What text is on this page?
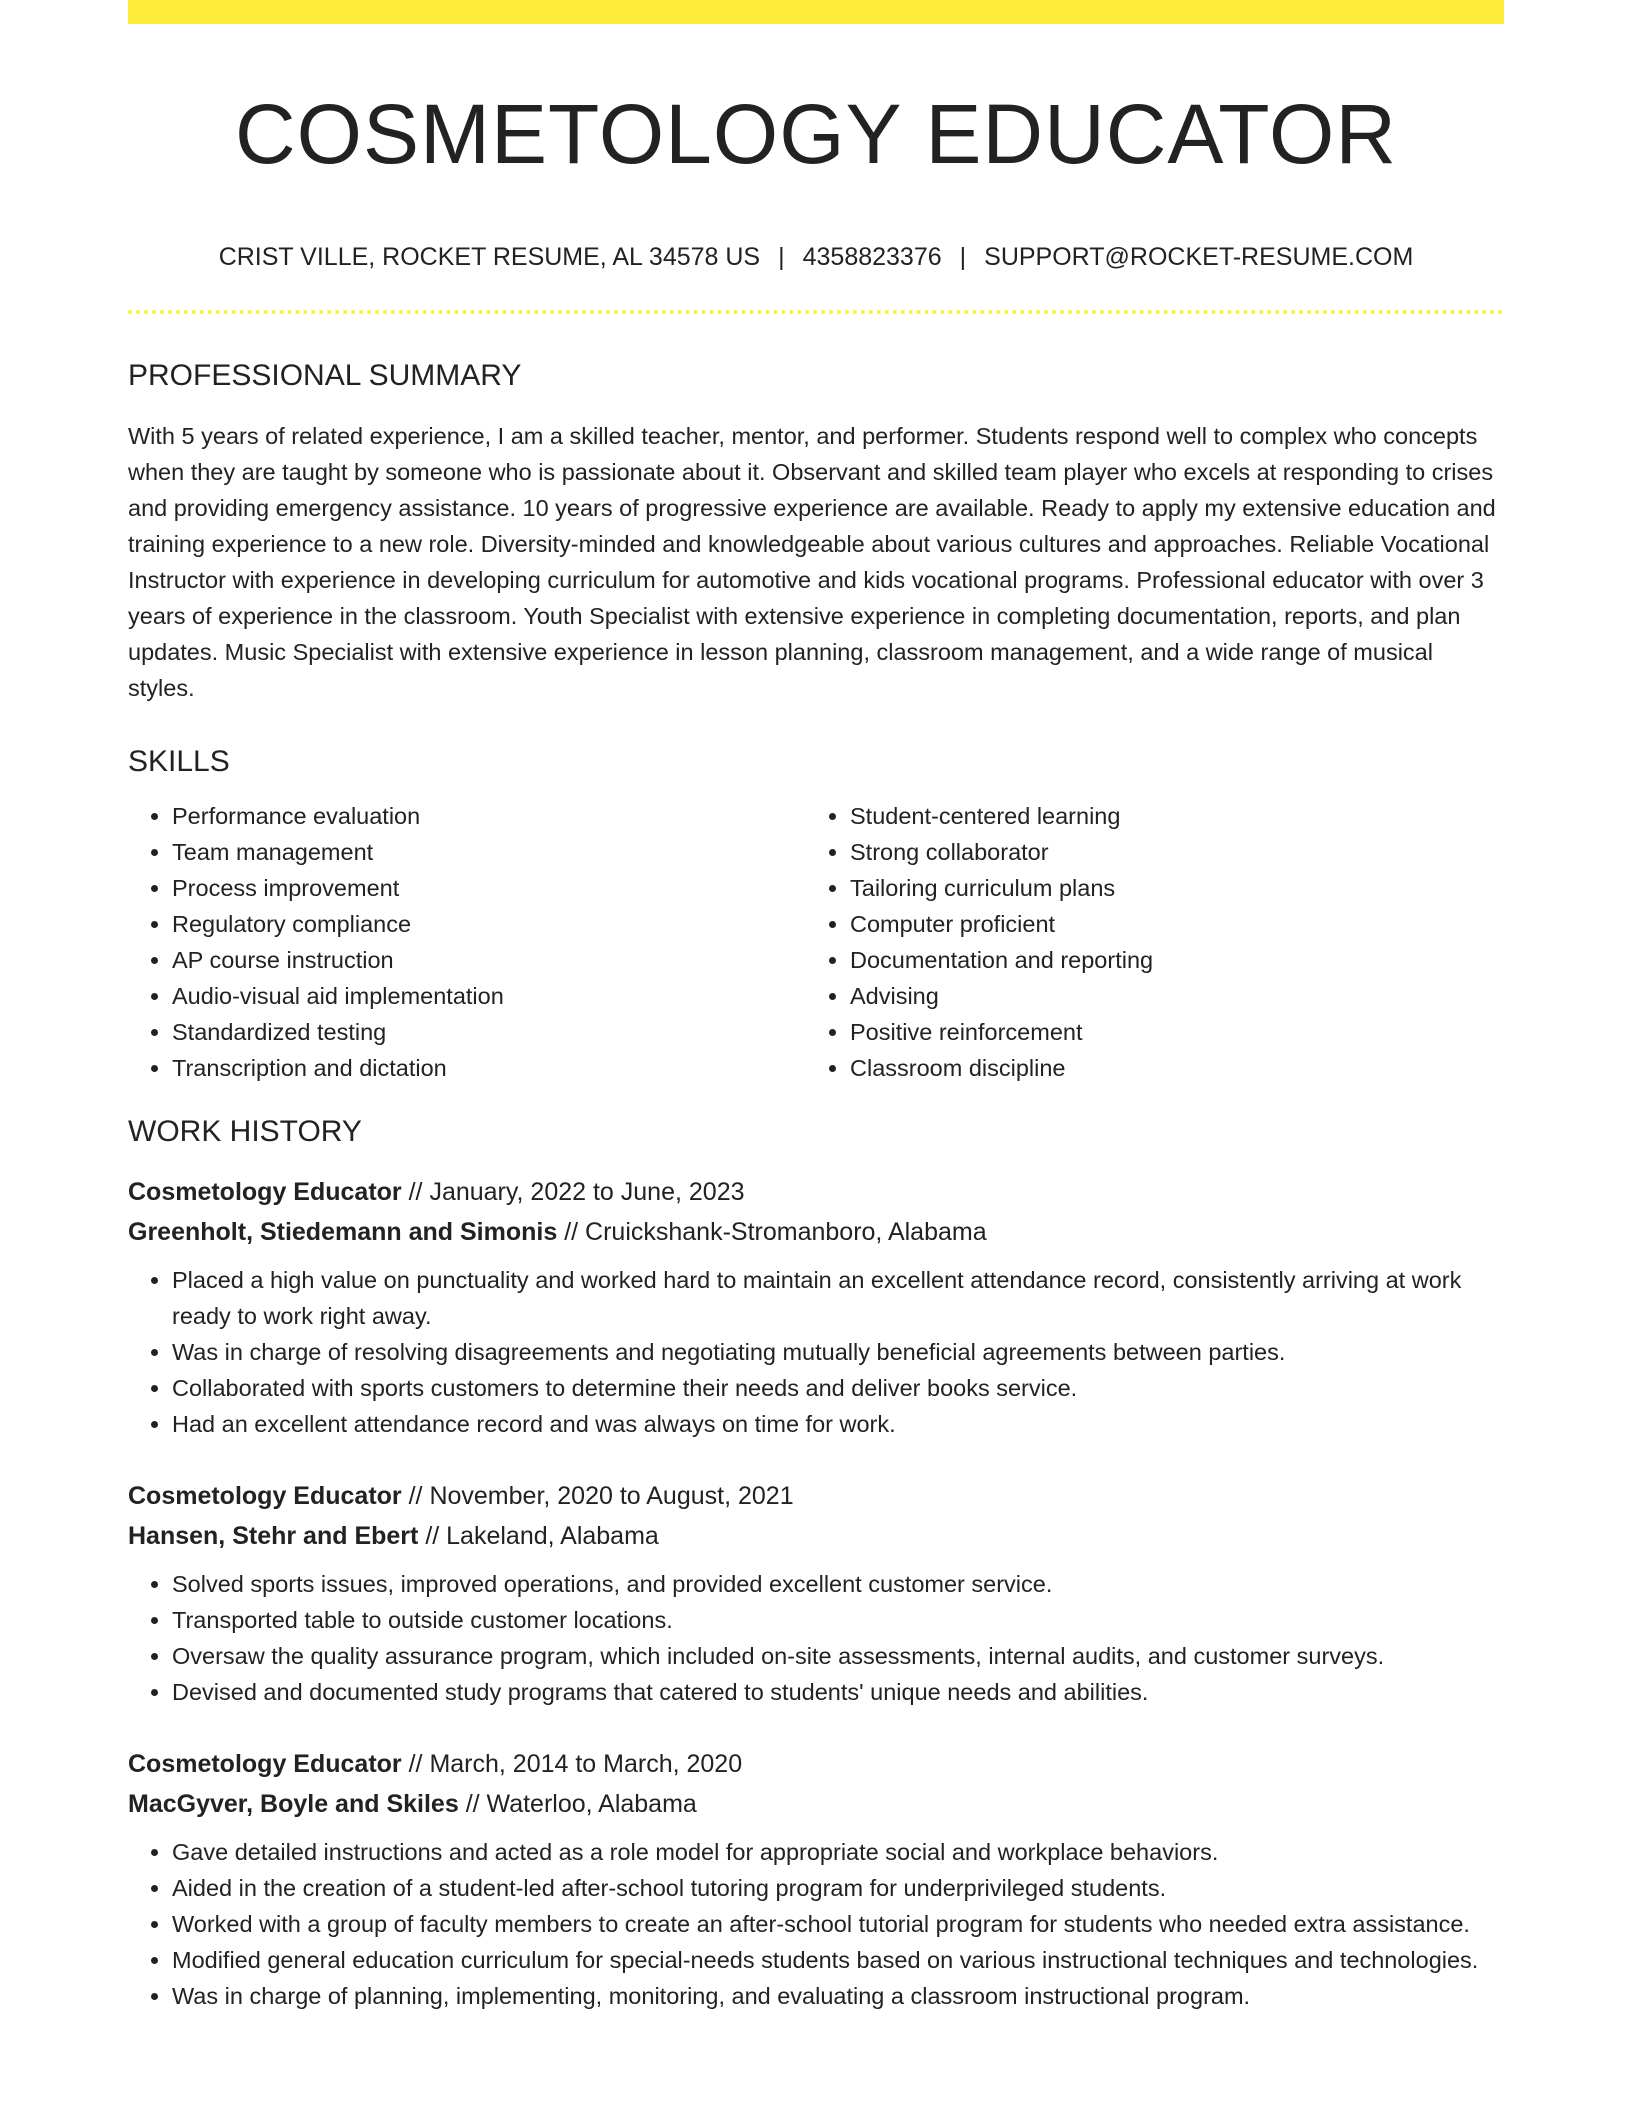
COSMETOLOGY EDUCATOR
CRIST VILLE, ROCKET RESUME, AL 34578 US | 4358823376 | SUPPORT@ROCKET-RESUME.COM
PROFESSIONAL SUMMARY

With 5 years of related experience, I am a skilled teacher, mentor, and performer. Students respond well to complex who concepts when they are taught by someone who is passionate about it. Observant and skilled team player who excels at responding to crises and providing emergency assistance. 10 years of progressive experience are available. Ready to apply my extensive education and training experience to a new role. Diversity-minded and knowledgeable about various cultures and approaches. Reliable Vocational Instructor with experience in developing curriculum for automotive and kids vocational programs. Professional educator with over 3 years of experience in the classroom. Youth Specialist with extensive experience in completing documentation, reports, and plan updates. Music Specialist with extensive experience in lesson planning, classroom management, and a wide range of musical styles.

SKILLS
• Performance evaluation
• Team management
• Process improvement
• Regulatory compliance
• AP course instruction
• Audio-visual aid implementation
• Standardized testing
• Transcription and dictation
• Student-centered learning
• Strong collaborator
• Tailoring curriculum plans
• Computer proficient
• Documentation and reporting
• Advising
• Positive reinforcement
• Classroom discipline
WORK HISTORY
Cosmetology Educator // January, 2022 to June, 2023
Greenholt, Stiedemann and Simonis // Cruickshank-Stromanboro, Alabama
• Placed a high value on punctuality and worked hard to maintain an excellent attendance record, consistently arriving at work ready to work right away.
• Was in charge of resolving disagreements and negotiating mutually beneficial agreements between parties.
• Collaborated with sports customers to determine their needs and deliver books service.
• Had an excellent attendance record and was always on time for work.
Cosmetology Educator // November, 2020 to August, 2021
Hansen, Stehr and Ebert // Lakeland, Alabama
• Solved sports issues, improved operations, and provided excellent customer service.
• Transported table to outside customer locations.
• Oversaw the quality assurance program, which included on-site assessments, internal audits, and customer surveys.
• Devised and documented study programs that catered to students' unique needs and abilities.
Cosmetology Educator // March, 2014 to March, 2020
MacGyver, Boyle and Skiles // Waterloo, Alabama
• Gave detailed instructions and acted as a role model for appropriate social and workplace behaviors.
• Aided in the creation of a student-led after-school tutoring program for underprivileged students.
• Worked with a group of faculty members to create an after-school tutorial program for students who needed extra assistance.
• Modified general education curriculum for special-needs students based on various instructional techniques and technologies.
• Was in charge of planning, implementing, monitoring, and evaluating a classroom instructional program.
